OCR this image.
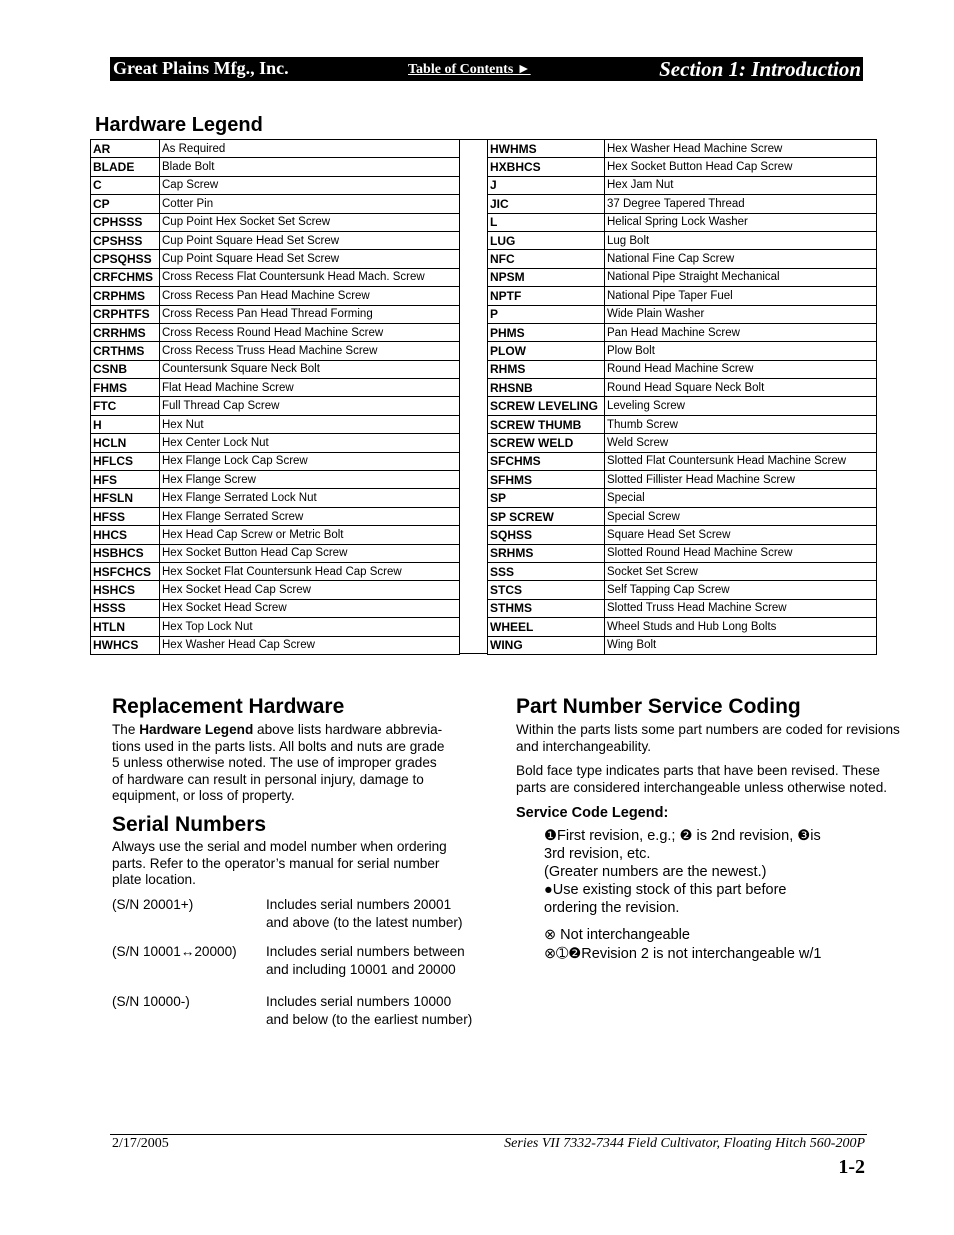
Great Plains Mfg., Inc.	Table of Contents ►	Section 1: Introduction
Hardware Legend
AR	As Required
BLADE	Blade Bolt
C	Cap Screw
CP	Cotter Pin
CPHSSS	Cup Point Hex Socket Set Screw
CPSHSS	Cup Point Square Head Set Screw
CPSQHSS	Cup Point Square Head Set Screw
CRFCHMS	Cross Recess Flat Countersunk Head Mach. Screw
CRPHMS	Cross Recess Pan Head Machine Screw
CRPHTFS	Cross Recess Pan Head Thread Forming
CRRHMS	Cross Recess Round Head Machine Screw
CRTHMS	Cross Recess Truss Head Machine Screw
CSNB	Countersunk Square Neck Bolt
FHMS	Flat Head Machine Screw
FTC	Full Thread Cap Screw
H	Hex Nut
HCLN	Hex Center Lock Nut
HFLCS	Hex Flange Lock Cap Screw
HFS	Hex Flange Screw
HFSLN	Hex Flange Serrated Lock Nut
HFSS	Hex Flange Serrated Screw
HHCS	Hex Head Cap Screw or Metric Bolt
HSBHCS	Hex Socket Button Head Cap Screw
HSFCHCS	Hex Socket Flat Countersunk Head Cap Screw
HSHCS	Hex Socket Head Cap Screw
HSSS	Hex Socket Head Screw
HTLN	Hex Top Lock Nut
HWHCS	Hex Washer Head Cap Screw
HWHMS	Hex Washer Head Machine Screw
HXBHCS	Hex Socket Button Head Cap Screw
J	Hex Jam Nut
JIC	37 Degree Tapered Thread
L	Helical Spring Lock Washer
LUG	Lug Bolt
NFC	National Fine Cap Screw
NPSM	National Pipe Straight Mechanical
NPTF	National Pipe Taper Fuel
P	Wide Plain Washer
PHMS	Pan Head Machine Screw
PLOW	Plow Bolt
RHMS	Round Head Machine Screw
RHSNB	Round Head Square Neck Bolt
SCREW LEVELING	Leveling Screw
SCREW THUMB	Thumb Screw
SCREW WELD	Weld Screw
SFCHMS	Slotted Flat Countersunk Head Machine Screw
SFHMS	Slotted Fillister Head Machine Screw
SP	Special
SP SCREW	Special Screw
SQHSS	Square Head Set Screw
SRHMS	Slotted Round Head Machine Screw
SSS	Socket Set Screw
STCS	Self Tapping Cap Screw
STHMS	Slotted Truss Head Machine Screw
WHEEL	Wheel Studs and Hub Long Bolts
WING	Wing Bolt
Replacement Hardware
The Hardware Legend above lists hardware abbrevia-
tions used in the parts lists. All bolts and nuts are grade
5 unless otherwise noted. The use of improper grades
of hardware can result in personal injury, damage to
equipment, or loss of property.
Serial Numbers
Always use the serial and model number when ordering
parts. Refer to the operator’s manual for serial number
plate location.
(S/N 20001+)	Includes serial numbers 20001
and above (to the latest number)
(S/N 10001↔20000) Includes serial numbers between
and including 10001 and 20000
(S/N 10000-)	Includes serial numbers 10000
and below (to the earliest number)
Part Number Service Coding
Within the parts lists some part numbers are coded for revisions
and interchangeability.
Bold face type indicates parts that have been revised. These
parts are considered interchangeable unless otherwise noted.
Service Code Legend:
❶First revision, e.g.; ❷ is 2nd revision, ❸is
3rd revision, etc.
(Greater numbers are the newest.)
●Use existing stock of this part before
ordering the revision.
⊗ Not interchangeable
⊗➀❷Revision 2 is not interchangeable w/1
2/17/2005	Series VII 7332-7344 Field Cultivator, Floating Hitch 560-200P
1-2
